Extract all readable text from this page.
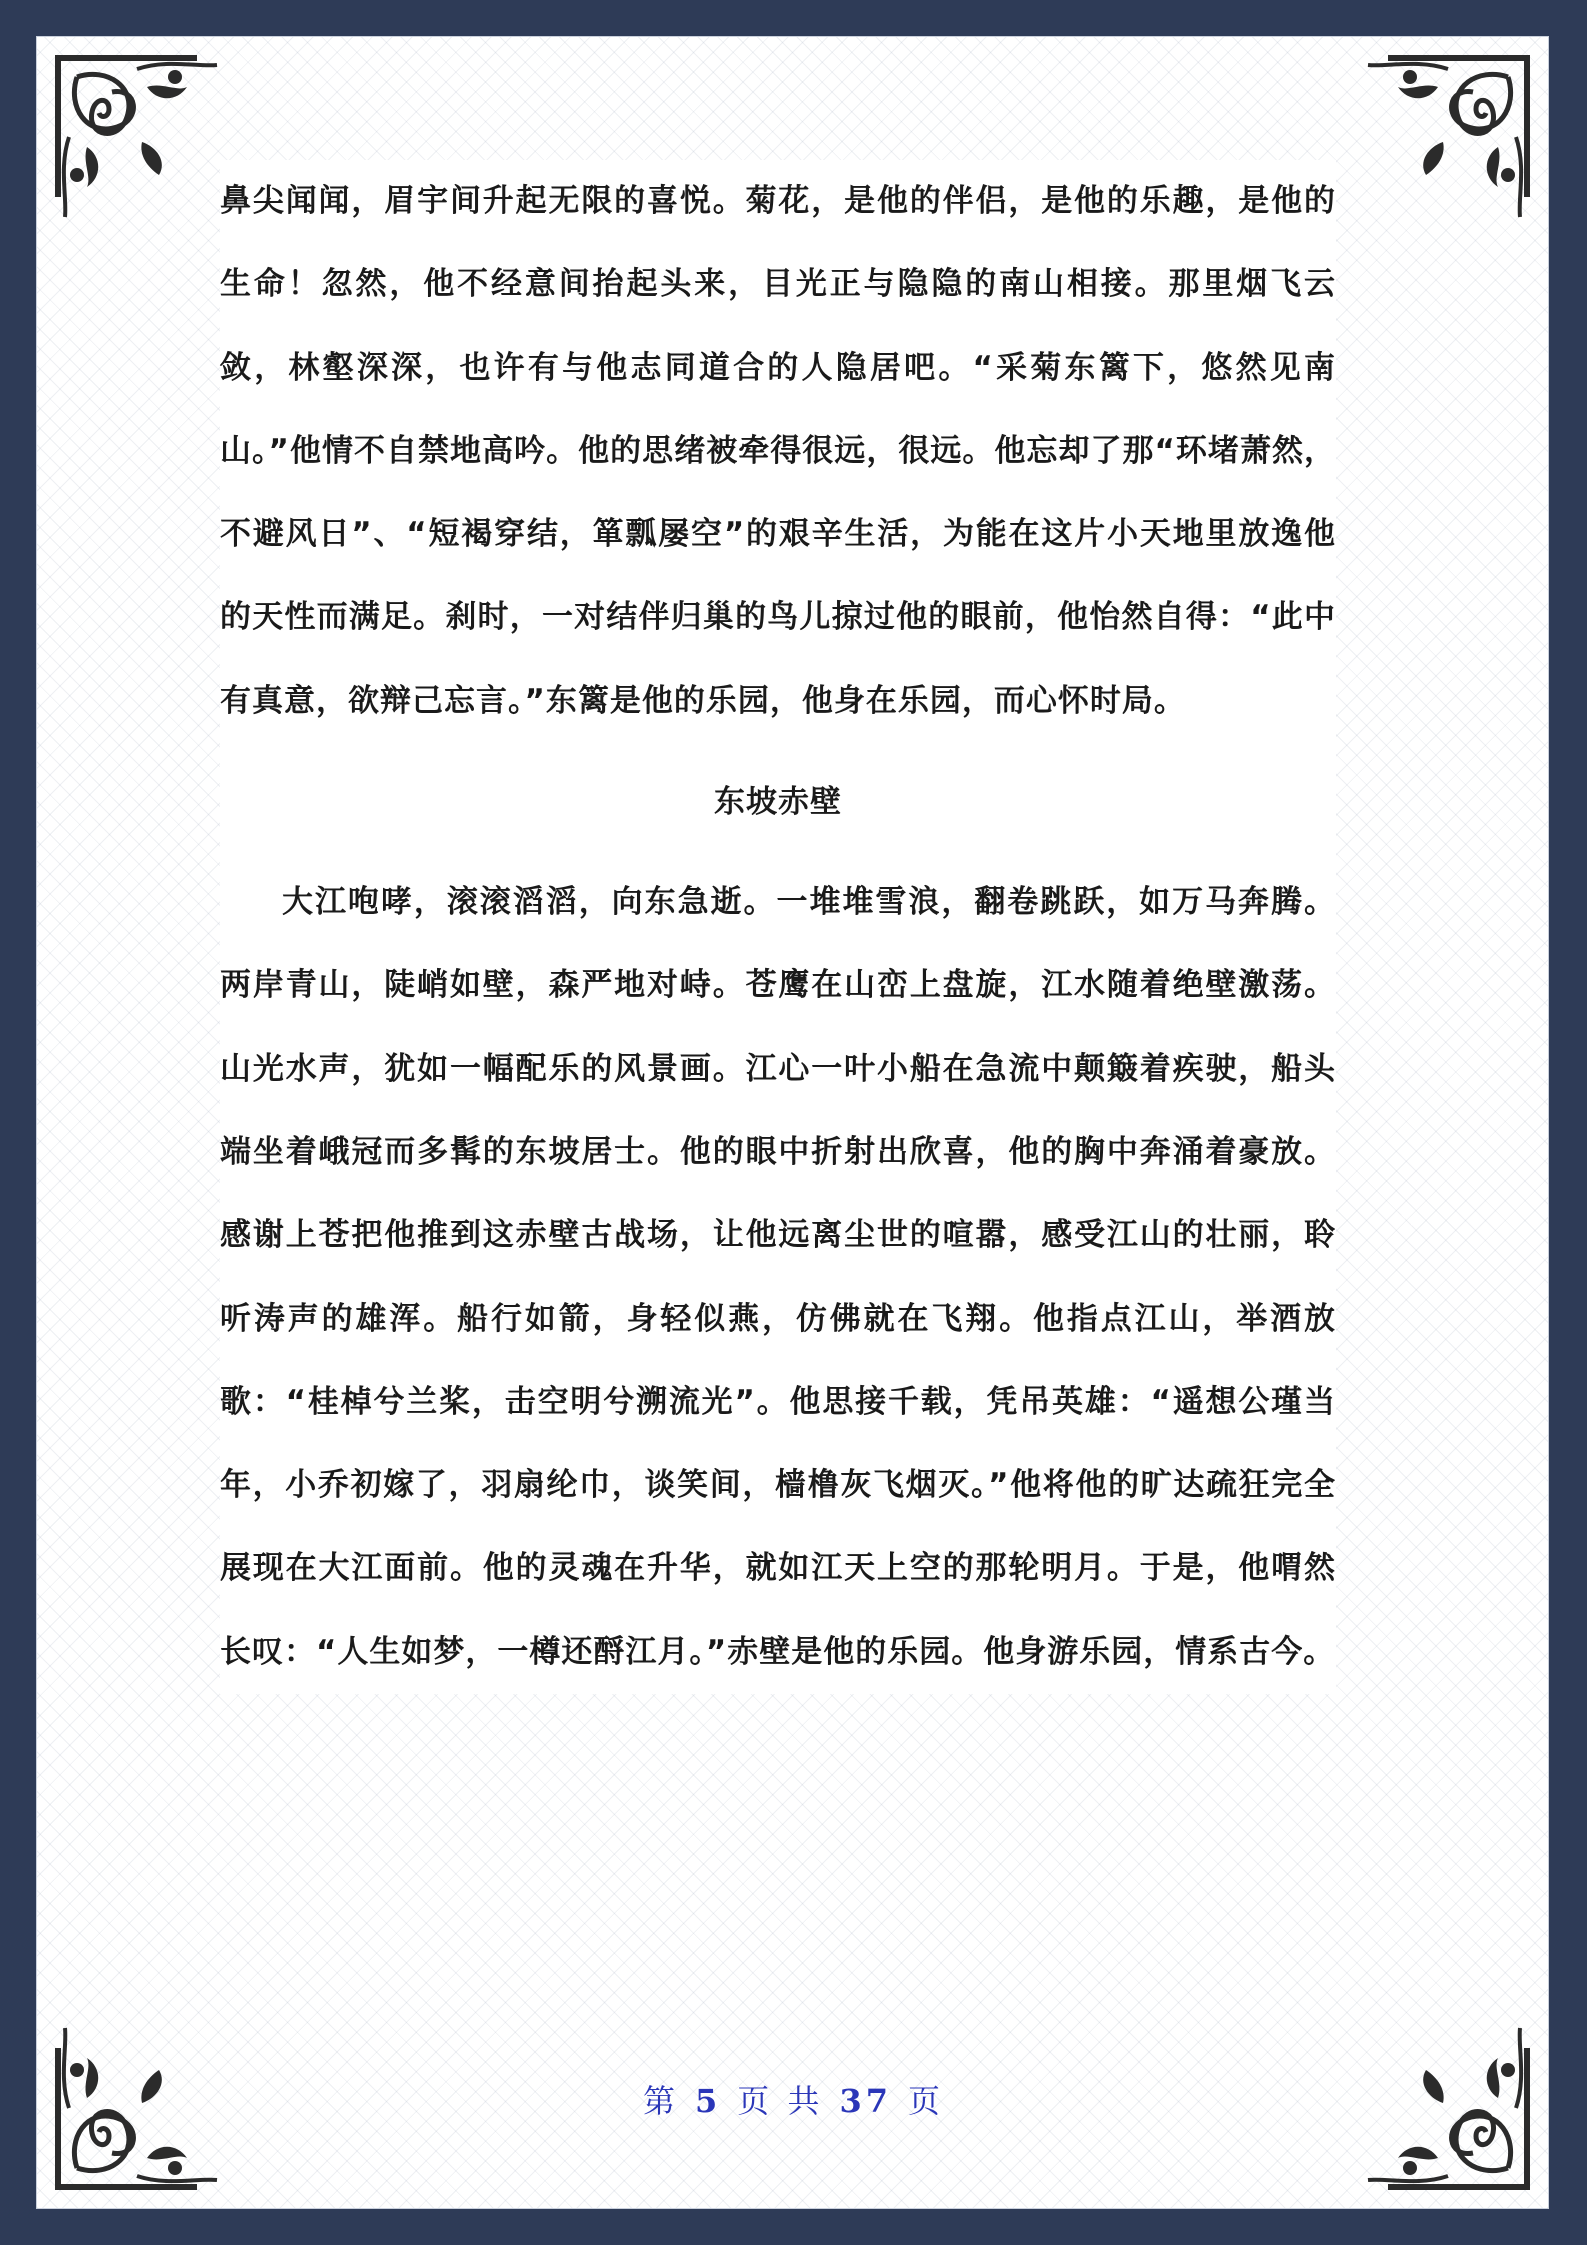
鼻尖闻闻，眉宇间升起无限的喜悦。菊花，是他的伴侣，是他的乐趣，是他的生命！忽然，他不经意间抬起头来，目光正与隐隐的南山相接。那里烟飞云敛，林壑深深，也许有与他志同道合的人隐居吧。“采菊东篱下，悠然见南山。”他情不自禁地高吟。他的思绪被牵得很远，很远。他忘却了那“环堵萧然，不避风日”、“短褐穿结，箪瓢屡空”的艰辛生活，为能在这片小天地里放逸他的天性而满足。刹时，一对结伴归巢的鸟儿掠过他的眼前，他怡然自得：“此中有真意，欲辩己忘言。”东篱是他的乐园，他身在乐园，而心怀时局。

东坡赤壁

大江咆哮，滚滚滔滔，向东急逝。一堆堆雪浪，翻卷跳跃，如万马奔腾。两岸青山，陡峭如壁，森严地对峙。苍鹰在山峦上盘旋，江水随着绝壁激荡。山光水声，犹如一幅配乐的风景画。江心一叶小船在急流中颠簸着疾驶，船头端坐着峨冠而多髯的东坡居士。他的眼中折射出欣喜，他的胸中奔涌着豪放。感谢上苍把他推到这赤壁古战场，让他远离尘世的喧嚣，感受江山的壮丽，聆听涛声的雄浑。船行如箭，身轻似燕，仿佛就在飞翔。他指点江山，举酒放歌：“桂棹兮兰桨，击空明兮溯流光”。他思接千载，凭吊英雄：“遥想公瑾当年，小乔初嫁了，羽扇纶巾，谈笑间，樯橹灰飞烟灭。”他将他的旷达疏狂完全展现在大江面前。他的灵魂在升华，就如江天上空的那轮明月。于是，他喟然长叹：“人生如梦，一樽还酹江月。”赤壁是他的乐园。他身游乐园，情系古今。

第 5 页 共 37 页
